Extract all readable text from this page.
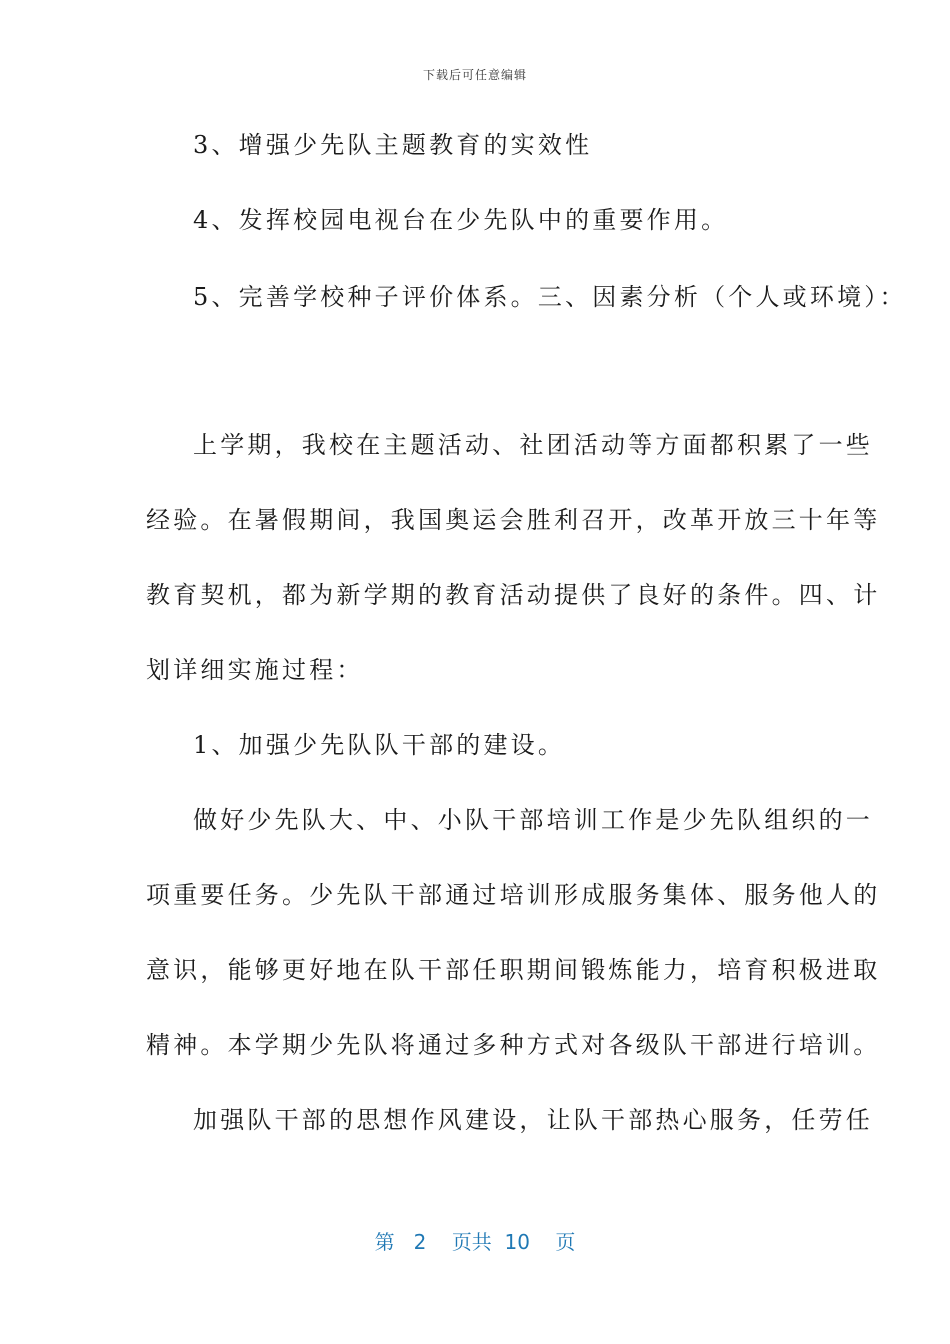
下载后可任意编辑
3、增强少先队主题教育的实效性
4、发挥校园电视台在少先队中的重要作用。
5、完善学校种子评价体系。三、因素分析（个人或环境）：
上学期，我校在主题活动、社团活动等方面都积累了一些
经验。在暑假期间，我国奥运会胜利召开，改革开放三十年等
教育契机，都为新学期的教育活动提供了良好的条件。四、计
划详细实施过程：
1、加强少先队队干部的建设。
做好少先队大、中、小队干部培训工作是少先队组织的一
项重要任务。少先队干部通过培训形成服务集体、服务他人的
意识，能够更好地在队干部任职期间锻炼能力，培育积极进取
精神。本学期少先队将通过多种方式对各级队干部进行培训。
加强队干部的思想作风建设，让队干部热心服务，任劳任
第 2 页共 10 页
